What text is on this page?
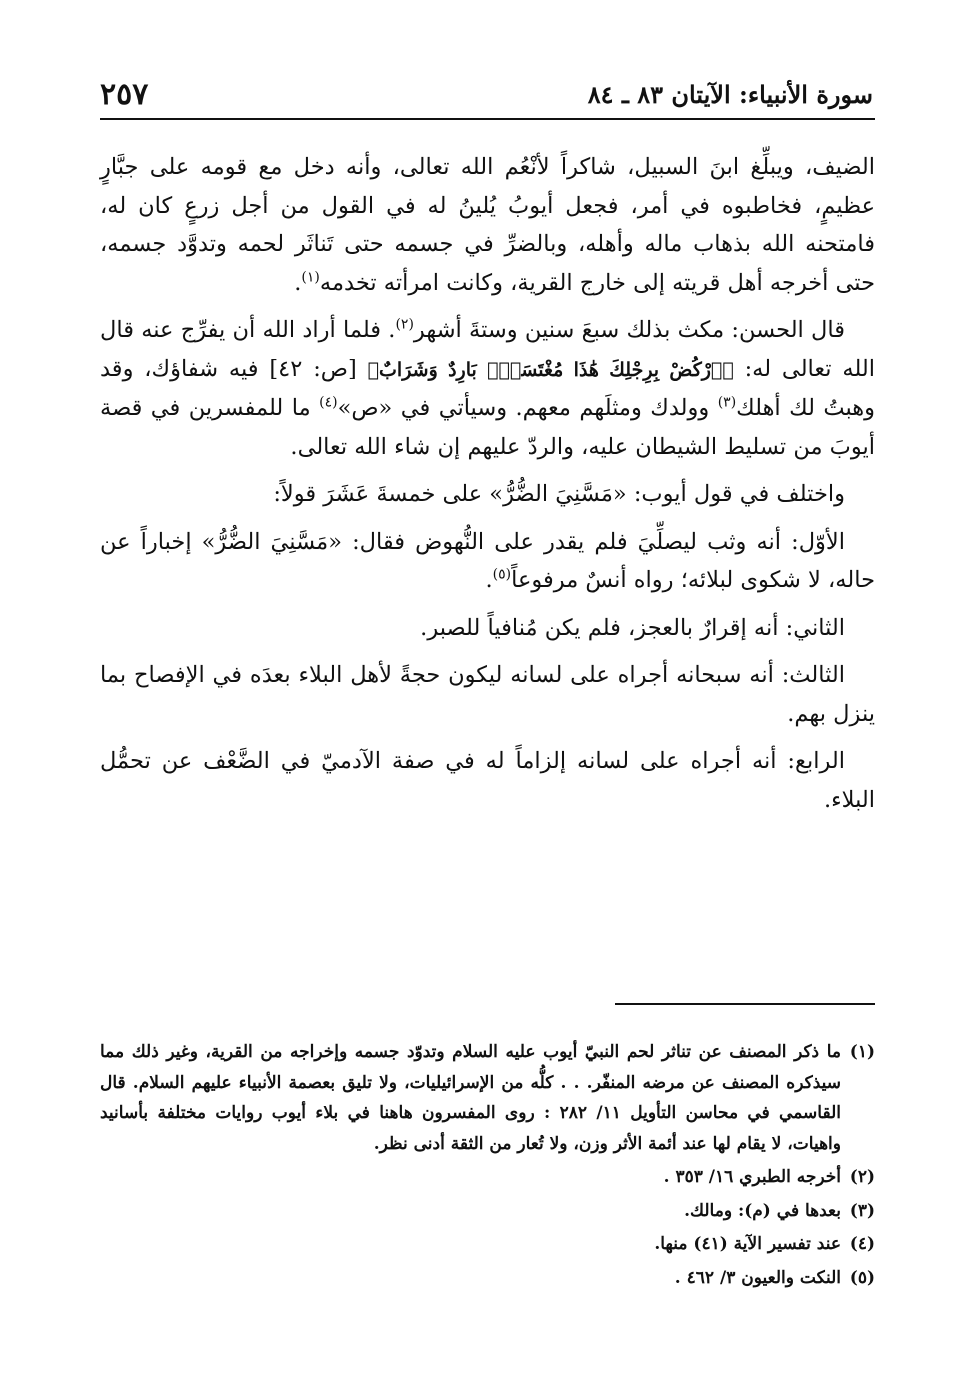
سورة الأنبياء: الآيتان ٨٣ ـ ٨٤
٢٥٧

الضيف، ويبلِّغ ابنَ السبيل، شاكراً لأنْعُم الله تعالى، وأنه دخل مع قومه على جبَّارٍ عظيمٍ، فخاطبوه في أمر، فجعل أيوبُ يُلينُ له في القول من أجل زرعٍ كان له، فامتحنه الله بذهاب ماله وأهله، وبالضرِّ في جسمه حتى تَناثَر لحمه وتدوَّد جسمه، حتى أخرجه أهل قريته إلى خارج القرية، وكانت امرأته تخدمه$^{(١)}$.

قال الحسن: مكث بذلك سبعَ سنين وستةَ أشهر$^{(٢)}$. فلما أراد الله أن يفرِّج عنه قال الله تعالى له: ﴿ٱرْكُضْ بِرِجْلِكَ هَٰذَا مُغْتَسَلٌۢ بَارِدٌ وَشَرَابٌ﴾ [ص: ٤٢] فيه شفاؤك، وقد وهبتُ لك أهلك$^{(٣)}$ وولدك ومثلَهم معهم. وسيأتي في «ص»$^{(٤)}$ ما للمفسرين في قصة أيوبَ من تسليط الشيطان عليه، والردّ عليهم إن شاء الله تعالى.

واختلف في قول أيوب: «مَسَّنِيَ الضُّرُّ» على خمسةَ عَشَرَ قولاً:

الأوّل: أنه وثب ليصلِّيَ فلم يقدر على النُّهوض فقال: «مَسَّنِيَ الضُّرُّ» إخباراً عن حاله، لا شكوى لبلائه؛ رواه أنسٌ مرفوعاً$^{(٥)}$.

الثاني: أنه إقرارٌ بالعجز، فلم يكن مُنافياً للصبر.

الثالث: أنه سبحانه أجراه على لسانه ليكون حجةً لأهل البلاء بعدَه في الإفصاح بما ينزل بهم.

الرابع: أنه أجراه على لسانه إلزاماً له في صفة الآدميّ في الضَّعْف عن تحمُّل البلاء.

(١)
ما ذكر المصنف عن تناثر لحم النبيّ أيوب عليه السلام وتدوّد جسمه وإخراجه من القرية، وغير ذلك مما سيذكره المصنف عن مرضه المنفّر. . . كلُّه من الإسرائيليات، ولا تليق بعصمة الأنبياء عليهم السلام. قال القاسمي في محاسن التأويل ١١/ ٢٨٢ : روى المفسرون هاهنا في بلاء أيوب روايات مختلفة بأسانيد واهيات، لا يقام لها عند أئمة الأثر وزن، ولا تُعار من الثقة أدنى نظر.
(٢)
أخرجه الطبري ١٦/ ٣٥٣ .
(٣)
بعدها في (م): ومالك.
(٤)
عند تفسير الآية (٤١) منها.
(٥)
النكت والعيون ٣/ ٤٦٢ .
